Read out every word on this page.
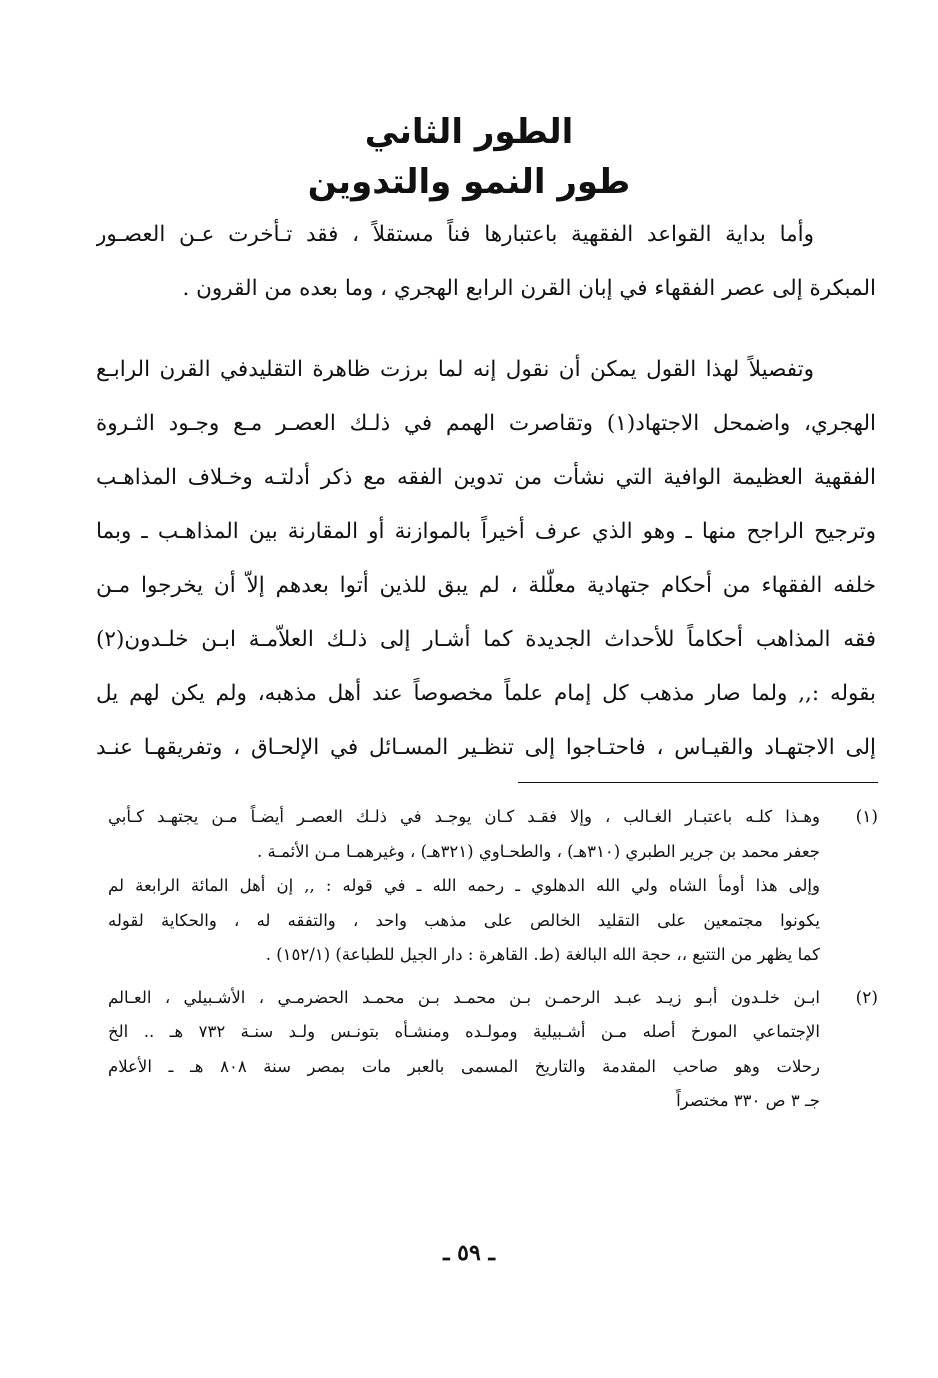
الطور الثاني
طور النمو والتدوين
وأما بداية القواعد الفقهية باعتبارها فناً مستقلاً ، فقد تـأخرت عـن العصـور
المبكرة إلى عصر الفقهاء في إبان القرن الرابع الهجري ، وما بعده من القرون .
وتفصيلاً لهذا القول يمكن أن نقول إنه لما برزت ظاهرة التقليدفي القرن الرابـع
الهجري، واضمحل الاجتهاد(١) وتقاصرت الهمم في ذلـك العصـر مـع وجـود الثـروة
الفقهية العظيمة الوافية التي نشأت من تدوين الفقه مع ذكر أدلتـه وخـلاف المذاهـب
وترجيح الراجح منها ـ وهو الذي عرف أخيراً بالموازنة أو المقارنة بين المذاهـب ـ وبما
خلفه الفقهاء من أحكام جتهادية معلّلة ، لم يبق للذين أتوا بعدهم إلاّ أن يخرجوا مـن
فقه المذاهب أحكاماً للأحداث الجديدة كما أشـار إلى ذلـك العلاّمـة ابـن خلـدون(٢)
بقوله :,, ولما صار مذهب كل إمام علماً مخصوصاً عند أهل مذهبه، ولم يكن لهم يل
إلى الاجتهـاد والقيـاس ، فاحتـاجوا إلى تنظـير المسـائل في الإلحـاق ، وتفريقهـا عنـد
(١)
وهـذا كلـه باعتبـار الغـالب ، وإلا فقـد كـان يوجـد في ذلـك العصـر أيضـاً مـن يجتهـد كـأبي
جعفر محمد بن جرير الطبري (٣١٠هـ) ، والطحـاوي (٣٢١هـ) ، وغيرهمـا مـن الأئمـة .
وإلى هذا أومأ الشاه ولي الله الدهلوي ـ رحمه الله ـ في قوله : ,, إن أهل المائة الرابعة لم
يكونوا مجتمعين على التقليد الخالص على مذهب واحد ، والتفقه له ، والحكاية لقوله
كما يظهر من التتبع ،، حجة الله البالغة (ط. القاهرة : دار الجيل للطباعة) (١٥٢/١) .
(٢)
ابـن خلـدون أبـو زيـد عبـد الرحمـن بـن محمـد بـن محمـد الحضرمـي ، الأشـبيلي ، العـالم
الإجتماعي المورخ أصله مـن أشـبيلية ومولـده ومنشـأه بتونـس ولـد سنـة ٧٣٢ هـ .. الخ
رحلات وهو صاحب المقدمة والتاريخ المسمى بالعبر مات بمصر سنة ٨٠٨ هـ ـ الأعلام
جـ ٣ ص ٣٣٠ مختصراً
ـ ٥٩ ـ
